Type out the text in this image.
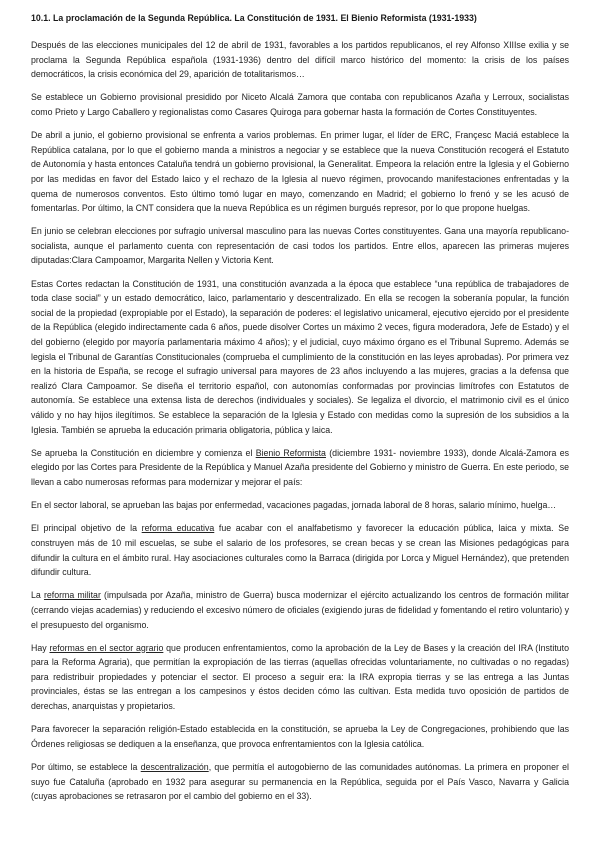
10.1. La proclamación de la Segunda República. La Constitución de 1931. El Bienio Reformista (1931-1933)

Después de las elecciones municipales del 12 de abril de 1931, favorables a los partidos republicanos, el rey Alfonso XIIIse exilia y se proclama la Segunda República española (1931-1936) dentro del difícil marco histórico del momento: la crisis de los países democráticos, la crisis económica del 29, aparición de totalitarismos…

Se establece un Gobierno provisional presidido por Niceto Alcalá Zamora que contaba con republicanos Azaña y Lerroux, socialistas como Prieto y Largo Caballero y regionalistas como Casares Quiroga para gobernar hasta la formación de Cortes Constituyentes.

De abril a junio, el gobierno provisional se enfrenta a varios problemas. En primer lugar, el líder de ERC, Françesc Maciá establece la República catalana, por lo que el gobierno manda a ministros a negociar y se establece que la nueva Constitución recogerá el Estatuto de Autonomía y hasta entonces Cataluña tendrá un gobierno provisional, la Generalitat. Empeora la relación entre la Iglesia y el Gobierno por las medidas en favor del Estado laico y el rechazo de la Iglesia al nuevo régimen, provocando manifestaciones enfrentadas y la quema de numerosos conventos. Esto último tomó lugar en mayo, comenzando en Madrid; el gobierno lo frenó y se les acusó de fomentarlas. Por último, la CNT considera que la nueva República es un régimen burgués represor, por lo que propone huelgas.

En junio se celebran elecciones por sufragio universal masculino para las nuevas Cortes constituyentes. Gana una mayoría republicano-socialista, aunque el parlamento cuenta con representación de casi todos los partidos. Entre ellos, aparecen las primeras mujeres diputadas:Clara Campoamor, Margarita Nellen y Victoria Kent.

Estas Cortes redactan la Constitución de 1931, una constitución avanzada a la época que establece “una república de trabajadores de toda clase social” y un estado democrático, laico, parlamentario y descentralizado. En ella se recogen la soberanía popular, la función social de la propiedad (expropiable por el Estado), la separación de poderes: el legislativo unicameral, ejecutivo ejercido por el presidente de la República (elegido indirectamente cada 6 años, puede disolver Cortes un máximo 2 veces, figura moderadora, Jefe de Estado) y el del gobierno (elegido por mayoría parlamentaria máximo 4 años); y el judicial, cuyo máximo órgano es el Tribunal Supremo. Además se legisla el Tribunal de Garantías Constitucionales (comprueba el cumplimiento de la constitución en las leyes aprobadas). Por primera vez en la historia de España, se recoge el sufragio universal para mayores de 23 años incluyendo a las mujeres, gracias a la defensa que realizó Clara Campoamor. Se diseña el territorio español, con autonomías conformadas por provincias limítrofes con Estatutos de autonomía. Se establece una extensa lista de derechos (individuales y sociales). Se legaliza el divorcio, el matrimonio civil es el único válido y no hay hijos ilegítimos. Se establece la separación de la Iglesia y Estado con medidas como la supresión de los subsidios a la Iglesia. También se aprueba la educación primaria obligatoria, pública y laica.

Se aprueba la Constitución en diciembre y comienza el Bienio Reformista (diciembre 1931- noviembre 1933), donde Alcalá-Zamora es elegido por las Cortes para Presidente de la República y Manuel Azaña presidente del Gobierno y ministro de Guerra. En este periodo, se llevan a cabo numerosas reformas para modernizar y mejorar el país:

En el sector laboral, se aprueban las bajas por enfermedad, vacaciones pagadas, jornada laboral de 8 horas, salario mínimo, huelga…

El principal objetivo de la reforma educativa fue acabar con el analfabetismo y favorecer la educación pública, laica y mixta. Se construyen más de 10 mil escuelas, se sube el salario de los profesores, se crean becas y se crean las Misiones pedagógicas para difundir la cultura en el ámbito rural. Hay asociaciones culturales como la Barraca (dirigida por Lorca y Miguel Hernández), que pretenden difundir cultura.

La reforma militar (impulsada por Azaña, ministro de Guerra) busca modernizar el ejército actualizando los centros de formación militar (cerrando viejas academias) y reduciendo el excesivo número de oficiales (exigiendo juras de fidelidad y fomentando el retiro voluntario) y el presupuesto del organismo.

Hay reformas en el sector agrario que producen enfrentamientos, como la aprobación de la Ley de Bases y la creación del IRA (Instituto para la Reforma Agraria), que permitían la expropiación de las tierras (aquellas ofrecidas voluntariamente, no cultivadas o no regadas) para redistribuir propiedades y potenciar el sector. El proceso a seguir era: la IRA expropia tierras y se las entrega a las Juntas provinciales, éstas se las entregan a los campesinos y éstos deciden cómo las cultivan. Esta medida tuvo oposición de partidos de derechas, anarquistas y propietarios.

Para favorecer la separación religión-Estado establecida en la constitución, se aprueba la Ley de Congregaciones, prohibiendo que las Órdenes religiosas se dediquen a la enseñanza, que provoca enfrentamientos con la Iglesia católica.

Por último, se establece la descentralización, que permitía el autogobierno de las comunidades autónomas. La primera en proponer el suyo fue Cataluña (aprobado en 1932 para asegurar su permanencia en la República, seguida por el País Vasco, Navarra y Galicia (cuyas aprobaciones se retrasaron por el cambio del gobierno en el 33).
